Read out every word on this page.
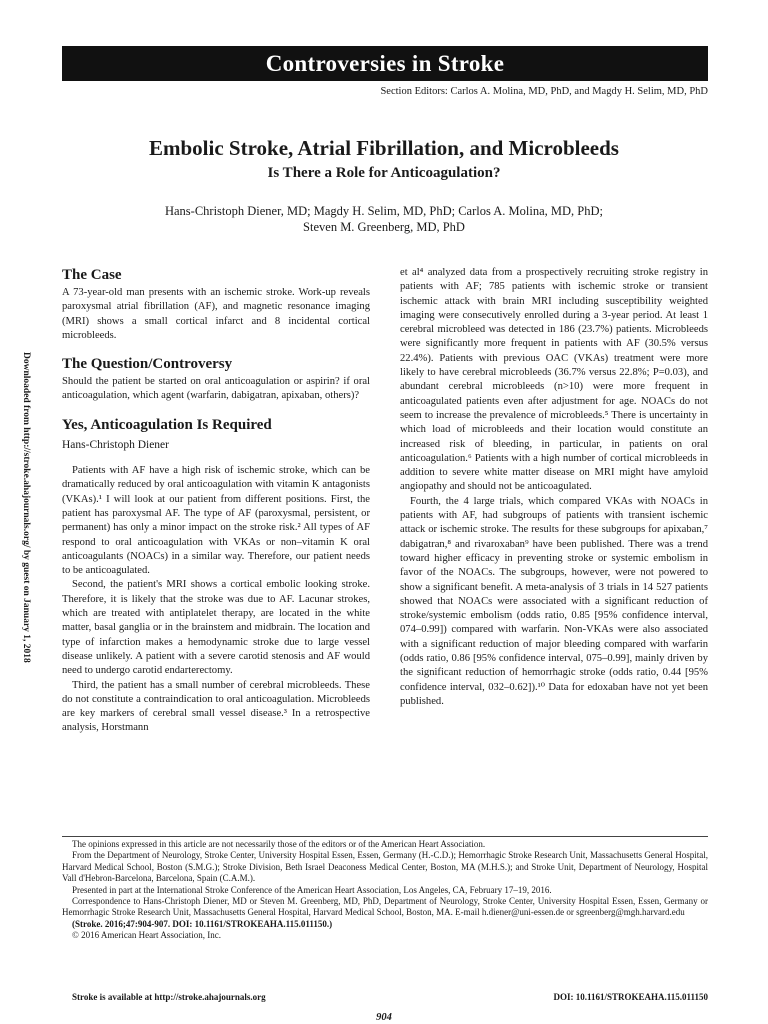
Controversies in Stroke
Section Editors: Carlos A. Molina, MD, PhD, and Magdy H. Selim, MD, PhD
Embolic Stroke, Atrial Fibrillation, and Microbleeds
Is There a Role for Anticoagulation?
Hans-Christoph Diener, MD; Magdy H. Selim, MD, PhD; Carlos A. Molina, MD, PhD;
Steven M. Greenberg, MD, PhD
Downloaded from http://stroke.ahajournals.org/ by guest on January 1, 2018
The Case

A 73-year-old man presents with an ischemic stroke. Work-up reveals paroxysmal atrial fibrillation (AF), and magnetic resonance imaging (MRI) shows a small cortical infarct and 8 incidental cortical microbleeds.

The Question/Controversy

Should the patient be started on oral anticoagulation or aspirin? if oral anticoagulation, which agent (warfarin, dabigatran, apixaban, others)?

Yes, Anticoagulation Is Required
Hans-Christoph Diener

Patients with AF have a high risk of ischemic stroke, which can be dramatically reduced by oral anticoagulation with vitamin K antagonists (VKAs).¹ I will look at our patient from different positions. First, the patient has paroxysmal AF. The type of AF (paroxysmal, persistent, or permanent) has only a minor impact on the stroke risk.² All types of AF respond to oral anticoagulation with VKAs or non–vitamin K oral anticoagulants (NOACs) in a similar way. Therefore, our patient needs to be anticoagulated.

Second, the patient's MRI shows a cortical embolic looking stroke. Therefore, it is likely that the stroke was due to AF. Lacunar strokes, which are treated with antiplatelet therapy, are located in the white matter, basal ganglia or in the brainstem and midbrain. The location and type of infarction makes a hemodynamic stroke due to large vessel disease unlikely. A patient with a severe carotid stenosis and AF would need to undergo carotid endarterectomy.

Third, the patient has a small number of cerebral microbleeds. These do not constitute a contraindication to oral anticoagulation. Microbleeds are key markers of cerebral small vessel disease.³ In a retrospective analysis, Horstmann

et al⁴ analyzed data from a prospectively recruiting stroke registry in patients with AF; 785 patients with ischemic stroke or transient ischemic attack with brain MRI including susceptibility weighted imaging were consecutively enrolled during a 3-year period. At least 1 cerebral microbleed was detected in 186 (23.7%) patients. Microbleeds were significantly more frequent in patients with AF (30.5% versus 22.4%). Patients with previous OAC (VKAs) treatment were more likely to have cerebral microbleeds (36.7% versus 22.8%; P=0.03), and abundant cerebral microbleeds (n>10) were more frequent in anticoagulated patients even after adjustment for age. NOACs do not seem to increase the prevalence of microbleeds.⁵ There is uncertainty in which load of microbleeds and their location would constitute an increased risk of bleeding, in particular, in patients on oral anticoagulation.⁶ Patients with a high number of cortical microbleeds in addition to severe white matter disease on MRI might have amyloid angiopathy and should not be anticoagulated.

Fourth, the 4 large trials, which compared VKAs with NOACs in patients with AF, had subgroups of patients with transient ischemic attack or ischemic stroke. The results for these subgroups for apixaban,⁷ dabigatran,⁸ and rivaroxaban⁹ have been published. There was a trend toward higher efficacy in preventing stroke or systemic embolism in favor of the NOACs. The subgroups, however, were not powered to show a significant benefit. A meta-analysis of 3 trials in 14 527 patients showed that NOACs were associated with a significant reduction of stroke/systemic embolism (odds ratio, 0.85 [95% confidence interval, 074–0.99]) compared with warfarin. Non-VKAs were also associated with a significant reduction of major bleeding compared with warfarin (odds ratio, 0.86 [95% confidence interval, 075–0.99], mainly driven by the significant reduction of hemorrhagic stroke (odds ratio, 0.44 [95% confidence interval, 032–0.62]).¹⁰ Data for edoxaban have not yet been published.

The opinions expressed in this article are not necessarily those of the editors or of the American Heart Association.

From the Department of Neurology, Stroke Center, University Hospital Essen, Essen, Germany (H.-C.D.); Hemorrhagic Stroke Research Unit, Massachusetts General Hospital, Harvard Medical School, Boston (S.M.G.); Stroke Division, Beth Israel Deaconess Medical Center, Boston, MA (M.H.S.); and Stroke Unit, Department of Neurology, Hospital Vall d'Hebron-Barcelona, Barcelona, Spain (C.A.M.).

Presented in part at the International Stroke Conference of the American Heart Association, Los Angeles, CA, February 17–19, 2016.

Correspondence to Hans-Christoph Diener, MD or Steven M. Greenberg, MD, PhD, Department of Neurology, Stroke Center, University Hospital Essen, Essen, Germany or Hemorrhagic Stroke Research Unit, Massachusetts General Hospital, Harvard Medical School, Boston, MA. E-mail h.diener@uni-essen.de or sgreenberg@mgh.harvard.edu

(Stroke. 2016;47:904-907. DOI: 10.1161/STROKEAHA.115.011150.)

© 2016 American Heart Association, Inc.

Stroke is available at http://stroke.ahajournals.org	DOI: 10.1161/STROKEAHA.115.011150
904
